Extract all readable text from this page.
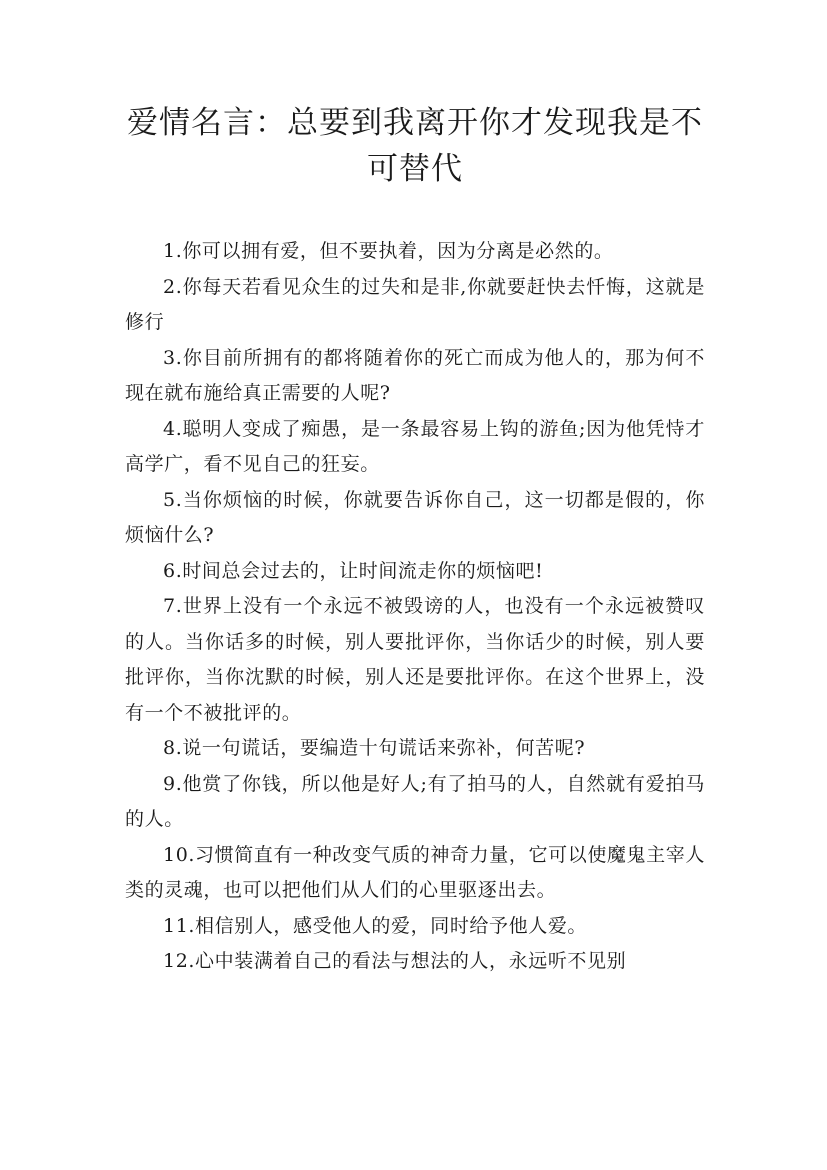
爱情名言：总要到我离开你才发现我是不可替代

1.你可以拥有爱，但不要执着，因为分离是必然的。

2.你每天若看见众生的过失和是非,你就要赶快去忏悔，这就是修行

3.你目前所拥有的都将随着你的死亡而成为他人的，那为何不现在就布施给真正需要的人呢?

4.聪明人变成了痴愚，是一条最容易上钩的游鱼;因为他凭恃才高学广，看不见自己的狂妄。

5.当你烦恼的时候，你就要告诉你自己，这一切都是假的，你烦恼什么?

6.时间总会过去的，让时间流走你的烦恼吧!

7.世界上没有一个永远不被毁谤的人，也没有一个永远被赞叹的人。当你话多的时候，别人要批评你，当你话少的时候，别人要批评你，当你沈默的时候，别人还是要批评你。在这个世界上，没有一个不被批评的。

8.说一句谎话，要编造十句谎话来弥补，何苦呢?

9.他赏了你钱，所以他是好人;有了拍马的人，自然就有爱拍马的人。

10.习惯简直有一种改变气质的神奇力量，它可以使魔鬼主宰人类的灵魂，也可以把他们从人们的心里驱逐出去。

11.相信别人，感受他人的爱，同时给予他人爱。

12.心中装满着自己的看法与想法的人，永远听不见别
